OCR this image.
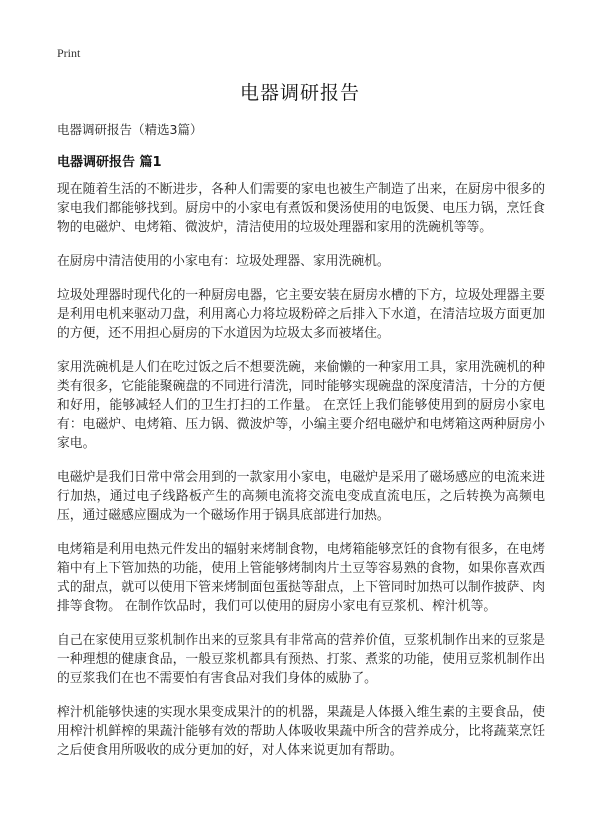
Print
电器调研报告

电器调研报告（精选3篇）

电器调研报告 篇1

现在随着生活的不断进步，各种人们需要的家电也被生产制造了出来，在厨房中很多的家电我们都能够找到。厨房中的小家电有煮饭和煲汤使用的电饭煲、电压力锅，烹饪食物的电磁炉、电烤箱、微波炉，清洁使用的垃圾处理器和家用的洗碗机等等。

在厨房中清洁使用的小家电有：垃圾处理器、家用洗碗机。

垃圾处理器时现代化的一种厨房电器，它主要安装在厨房水槽的下方，垃圾处理器主要是利用电机来驱动刀盘，利用离心力将垃圾粉碎之后排入下水道，在清洁垃圾方面更加的方便，还不用担心厨房的下水道因为垃圾太多而被堵住。

家用洗碗机是人们在吃过饭之后不想要洗碗，来偷懒的一种家用工具，家用洗碗机的种类有很多，它能能聚碗盘的不同进行清洗，同时能够实现碗盘的深度清洁，十分的方便和好用，能够减轻人们的卫生打扫的工作量。 在烹饪上我们能够使用到的厨房小家电有：电磁炉、电烤箱、压力锅、微波炉等，小编主要介绍电磁炉和电烤箱这两种厨房小家电。

电磁炉是我们日常中常会用到的一款家用小家电，电磁炉是采用了磁场感应的电流来进行加热，通过电子线路板产生的高频电流将交流电变成直流电压，之后转换为高频电压，通过磁感应圈成为一个磁场作用于锅具底部进行加热。

电烤箱是利用电热元件发出的辐射来烤制食物，电烤箱能够烹饪的食物有很多，在电烤箱中有上下管加热的功能，使用上管能够烤制肉片土豆等容易熟的食物，如果你喜欢西式的甜点，就可以使用下管来烤制面包蛋挞等甜点，上下管同时加热可以制作披萨、肉排等食物。 在制作饮品时，我们可以使用的厨房小家电有豆浆机、榨汁机等。

自己在家使用豆浆机制作出来的豆浆具有非常高的营养价值，豆浆机制作出来的豆浆是一种理想的健康食品，一般豆浆机都具有预热、打浆、煮浆的功能，使用豆浆机制作出的豆浆我们在也不需要怕有害食品对我们身体的威胁了。

榨汁机能够快速的实现水果变成果汁的的机器，果蔬是人体摄入维生素的主要食品，使用榨汁机鲜榨的果蔬汁能够有效的帮助人体吸收果蔬中所含的营养成分，比将蔬菜烹饪之后使食用所吸收的成分更加的好，对人体来说更加有帮助。
